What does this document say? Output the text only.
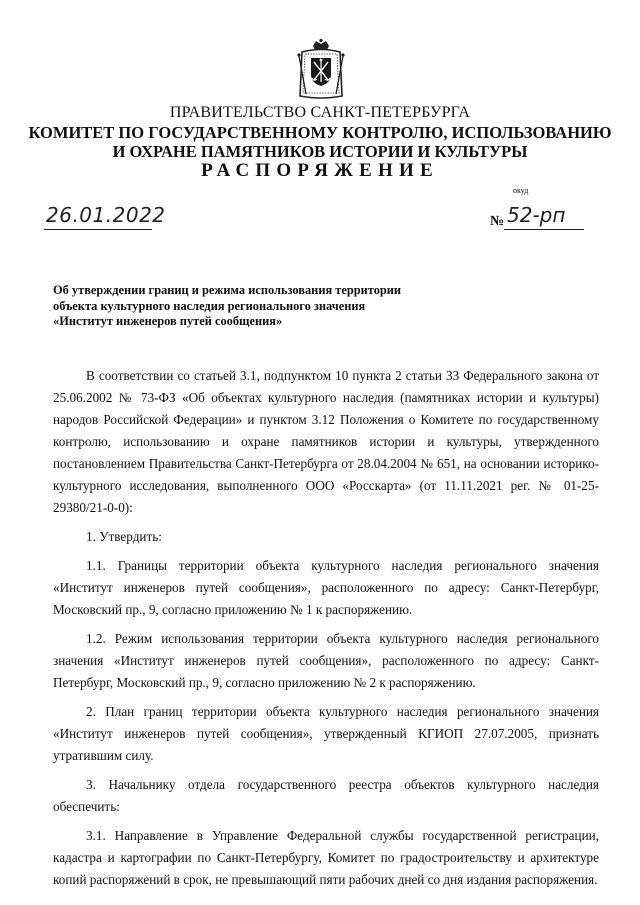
ПРАВИТЕЛЬСТВО САНКТ-ПЕТЕРБУРГА
КОМИТЕТ ПО ГОСУДАРСТВЕННОМУ КОНТРОЛЮ, ИСПОЛЬЗОВАНИЮ
И ОХРАНЕ ПАМЯТНИКОВ ИСТОРИИ И КУЛЬТУРЫ
РАСПОРЯЖЕНИЕ
окуд
26.01.2022	№ 52-рп
Об утверждении границ и режима использования территории
объекта культурного наследия регионального значения
«Институт инженеров путей сообщения»

В соответствии со статьей 3.1, подпунктом 10 пункта 2 статьи 33 Федерального закона от 25.06.2002 № 73-ФЗ «Об объектах культурного наследия (памятниках истории и культуры) народов Российской Федерации» и пунктом 3.12 Положения о Комитете по государственному контролю, использованию и охране памятников истории и культуры, утвержденного постановлением Правительства Санкт-Петербурга от 28.04.2004 № 651, на основании историко-культурного исследования, выполненного ООО «Росскарта» (от 11.11.2021 рег. № 01-25-29380/21-0-0):

1. Утвердить:

1.1. Границы территории объекта культурного наследия регионального значения «Институт инженеров путей сообщения», расположенного по адресу: Санкт-Петербург, Московский пр., 9, согласно приложению № 1 к распоряжению.

1.2. Режим использования территории объекта культурного наследия регионального значения «Институт инженеров путей сообщения», расположенного по адресу: Санкт-Петербург, Московский пр., 9, согласно приложению № 2 к распоряжению.

2. План границ территории объекта культурного наследия регионального значения «Институт инженеров путей сообщения», утвержденный КГИОП 27.07.2005, признать утратившим силу.

3. Начальнику отдела государственного реестра объектов культурного наследия обеспечить:

3.1. Направление в Управление Федеральной службы государственной регистрации, кадастра и картографии по Санкт-Петербургу, Комитет по градостроительству и архитектуре копий распоряжений в срок, не превышающий пяти рабочих дней со дня издания распоряжения.
